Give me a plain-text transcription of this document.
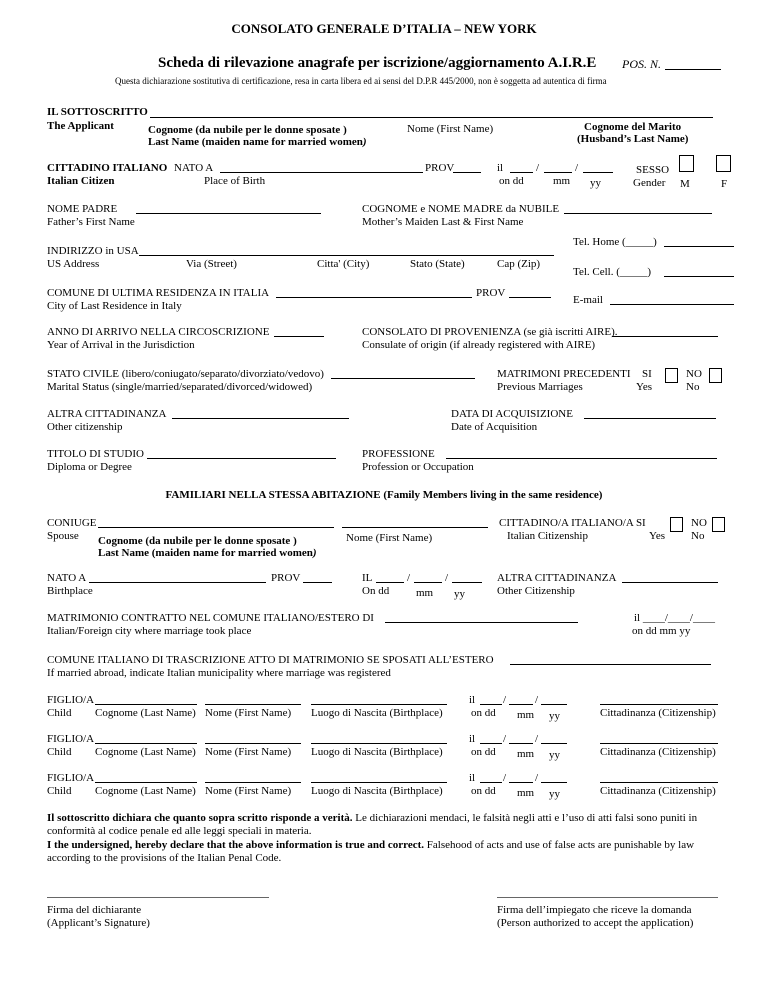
CONSOLATO GENERALE D’ITALIA – NEW YORK
Scheda di rilevazione anagrafe per iscrizione/aggiornamento A.I.R.E POS. N.
Questa dichiarazione sostitutiva di certificazione, resa in carta libera ed ai sensi del D.P.R 445/2000, non è soggetta ad autentica di firma
IL SOTTOSCRITTO
The Applicant	Cognome (da nubile per le donne sposate )
Last Name (maiden name for married women)
Nome (First Name)	Cognome del Marito
(Husband’s Last Name)
CITTADINO ITALIANO NATO A	PROV
Italian Citizen	Place of Birth
il	/	/
on dd	mm yy
SESSO
Gender M	F
NOME PADRE
Father’s First Name
COGNOME e NOME MADRE da NUBILE
Mother’s Maiden Last & First Name
INDIRIZZO in USA
US Address	Via (Street)	Citta' (City)	Stato (State)	Cap (Zip)
Tel. Home (_____)
Tel. Cell. (_____)
COMUNE DI ULTIMA RESIDENZA IN ITALIA	PROV
City of Last Residence in Italy	E-mail
ANNO DI ARRIVO NELLA CIRCOSCRIZIONE
Year of Arrival in the Jurisdiction
CONSOLATO DI PROVENIENZA (se già iscritti AIRE).
Consulate of origin (if already registered with AIRE)
STATO CIVILE (libero/coniugato/separato/divorziato/vedovo)
Marital Status (single/married/separated/divorced/widowed)
MATRIMONI PRECEDENTI
Previous Marriages
SI
Yes
NO
No
ALTRA CITTADINANZA
Other citizenship
DATA DI ACQUISIZIONE
Date of Acquisition
TITOLO DI STUDIO
Diploma or Degree
PROFESSIONE
Profession or Occupation
FAMILIARI NELLA STESSA ABITAZIONE (Family Members living in the same residence)
CONIUGE
Spouse Cognome (da nubile per le donne sposate )
Last Name (maiden name for married women)
Nome (First Name)
CITTADINO/A ITALIANO/A SI
Italian Citizenship	Yes
NO
No
NATO A	PROV
Birthplace
IL	/	/
On dd mm yy
ALTRA CITTADINANZA
Other Citizenship
MATRIMONIO CONTRATTO NEL COMUNE ITALIANO/ESTERO DI
Italian/Foreign city where marriage took place
il ____/____/____
on dd mm yy
COMUNE ITALIANO DI TRASCRIZIONE ATTO DI MATRIMONIO SE SPOSATI ALL’ESTERO
If married abroad, indicate Italian municipality where marriage was registered
FIGLIO/A	il	/	/
Child Cognome (Last Name) Nome (First Name) Luogo di Nascita (Birthplace)	on dd mm yy	Cittadinanza (Citizenship)
FIGLIO/A	il	/	/
Child Cognome (Last Name) Nome (First Name) Luogo di Nascita (Birthplace)	on dd mm yy	Cittadinanza (Citizenship)
FIGLIO/A	il	/	/
Child Cognome (Last Name) Nome (First Name) Luogo di Nascita (Birthplace)	on dd mm yy	Cittadinanza (Citizenship)
Il sottoscritto dichiara che quanto sopra scritto risponde a verità. Le dichiarazioni mendaci, le falsità negli atti e l’uso di atti falsi sono puniti in conformità al codice penale ed alle leggi speciali in materia.
I the undersigned, hereby declare that the above information is true and correct. Falsehood of acts and use of false acts are punishable by law according to the provisions of the Italian Penal Code.
Firma del dichiarante
(Applicant’s Signature)
Firma dell’impiegato che riceve la domanda
(Person authorized to accept the application)
